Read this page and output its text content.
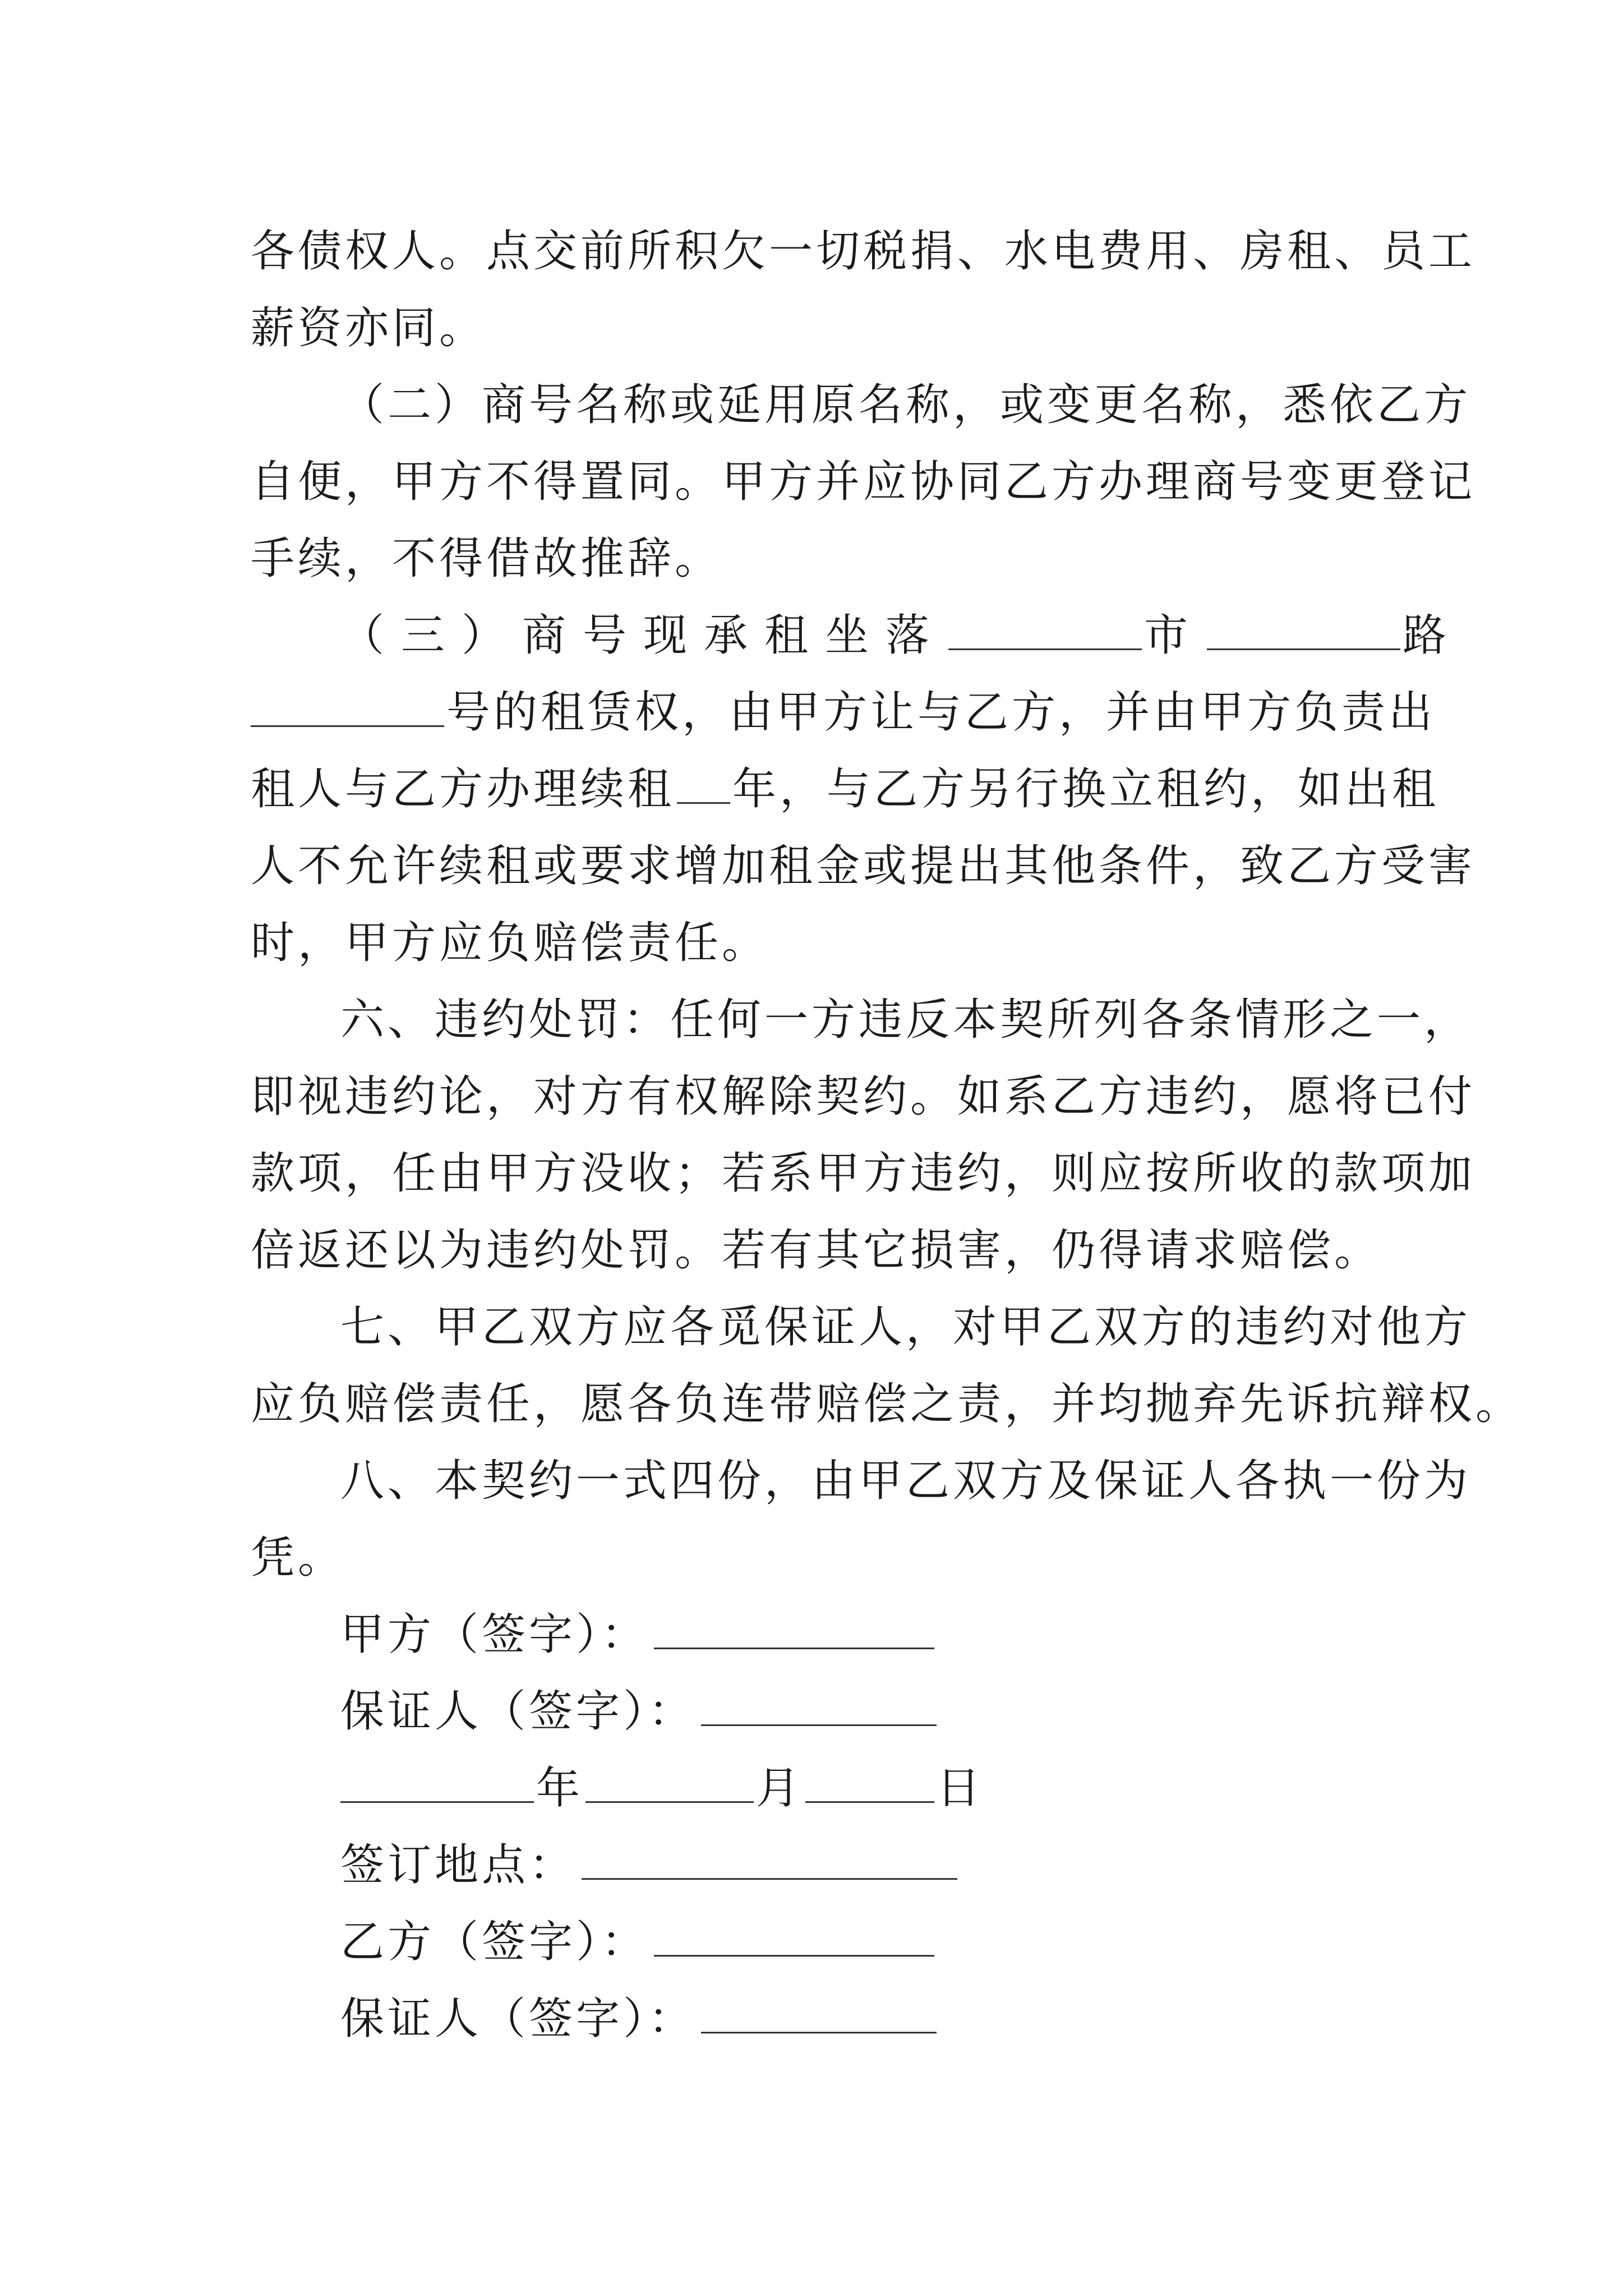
各债权人。点交前所积欠一切税捐、水电费用、房租、员工
薪资亦同。
（二）商号名称或延用原名称，或变更名称，悉依乙方
自便，甲方不得置同。甲方并应协同乙方办理商号变更登记
手续，不得借故推辞。
（三）商号现承租坐落	市	路
号的租赁权，由甲方让与乙方，并由甲方负责出
租人与乙方办理续租 年，与乙方另行换立租约，如出租
人不允许续租或要求增加租金或提出其他条件，致乙方受害
时，甲方应负赔偿责任。
六、违约处罚：任何一方违反本契所列各条情形之一，
即视违约论，对方有权解除契约。如系乙方违约，愿将已付
款项，任由甲方没收；若系甲方违约，则应按所收的款项加
倍返还以为违约处罚。若有其它损害，仍得请求赔偿。
七、甲乙双方应各觅保证人，对甲乙双方的违约对他方
应负赔偿责任，愿各负连带赔偿之责，并均抛弃先诉抗辩权。
八、本契约一式四份，由甲乙双方及保证人各执一份为
凭。
甲方（签字）：
保证人（签字）：
年	月	日
签订地点：
乙方（签字）：
保证人（签字）：
